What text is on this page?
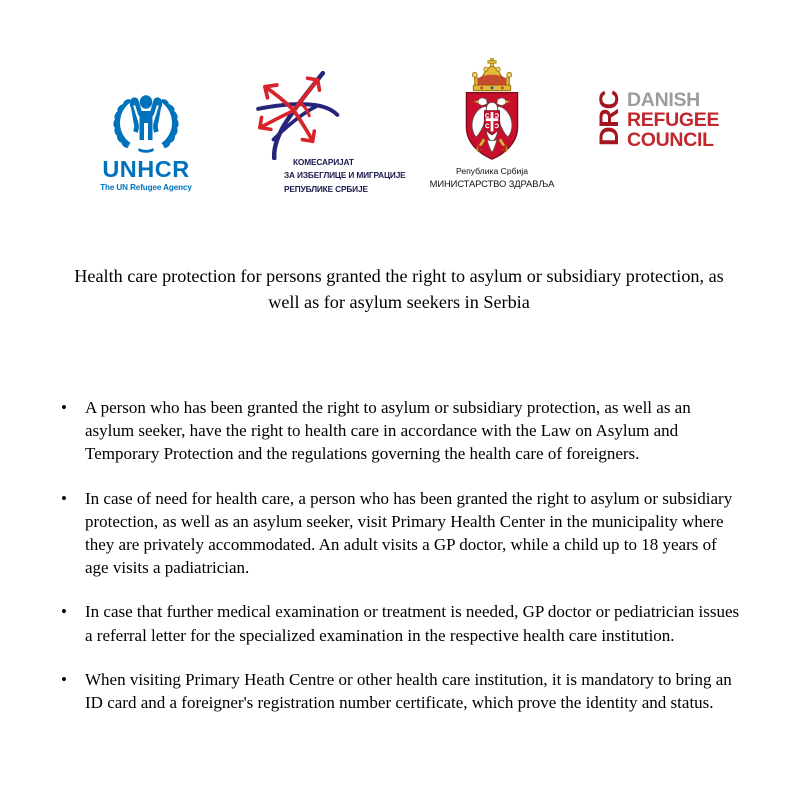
UNHCR
The UN Refugee Agency
КОМЕСАРИЈАТ
ЗА ИЗБЕГЛИЦЕ И МИГРАЦИЈЕ
РЕПУБЛИКЕ СРБИЈЕ
Република Србија
МИНИСТАРСТВО ЗДРАВЉА
DRC DANISH
REFUGEE
COUNCIL
Health care protection for persons granted the right to asylum or subsidiary protection, as well as for asylum seekers in Serbia
• A person who has been granted the right to asylum or subsidiary protection, as well as an asylum seeker, have the right to health care in accordance with the Law on Asylum and Temporary Protection and the regulations governing the health care of foreigners.
• In case of need for health care, a person who has been granted the right to asylum or subsidiary protection, as well as an asylum seeker, visit Primary Health Center in the municipality where they are privately accommodated. An adult visits a GP doctor, while a child up to 18 years of age visits a padiatrician.
• In case that further medical examination or treatment is needed, GP doctor or pediatrician issues a referral letter for the specialized examination in the respective health care institution.
• When visiting Primary Heath Centre or other health care institution, it is mandatory to bring an ID card and a foreigner's registration number certificate, which prove the identity and status.
